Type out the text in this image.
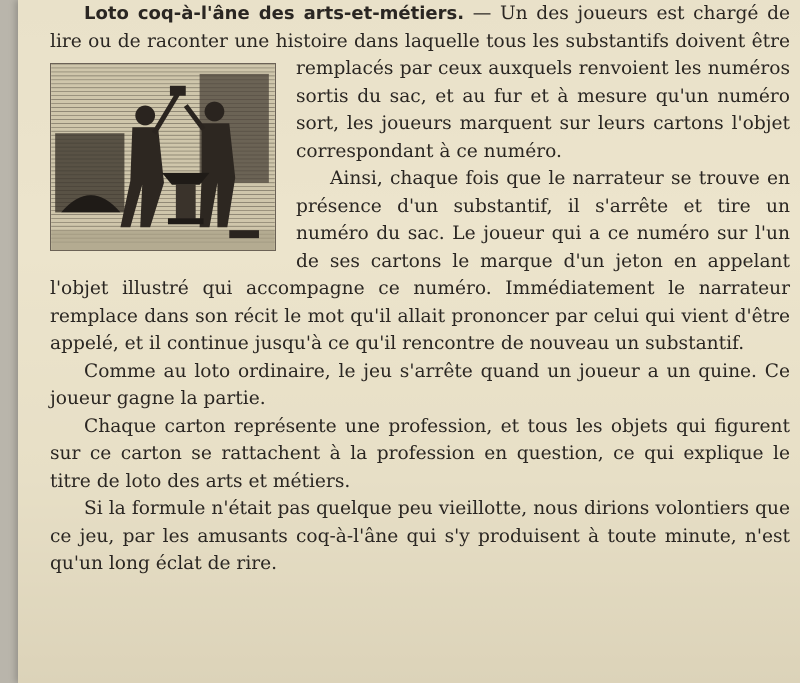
Loto coq-à-l'âne des arts-et-métiers. — Un des joueurs est chargé de lire ou de raconter une histoire dans laquelle tous les substantifs doivent être remplacés par ceux auxquels renvoient les numéros
sortis du sac, et au fur et à mesure qu'un numéro sort, les joueurs marquent sur leurs cartons l'objet correspondant à ce numéro.

Ainsi, chaque fois que le narrateur se trouve en présence d'un substantif, il s'arrête et tire un numéro du sac. Le joueur qui a ce numéro sur l'un de ses cartons le marque d'un jeton en appelant l'objet illustré qui accompagne ce numéro. Immédiatement le narrateur remplace dans son récit le mot qu'il allait prononcer par celui qui vient d'être appelé, et il continue jusqu'à ce qu'il rencontre de nouveau un substantif.

Comme au loto ordinaire, le jeu s'arrête quand un joueur a un quine. Ce joueur gagne la partie.

Chaque carton représente une profession, et tous les objets qui figurent sur ce carton se rattachent à la profession en question, ce qui explique le titre de loto des arts et métiers.

Si la formule n'était pas quelque peu vieillotte, nous dirions volontiers que ce jeu, par les amusants coq-à-l'âne qui s'y produisent à toute minute, n'est qu'un long éclat de rire.
